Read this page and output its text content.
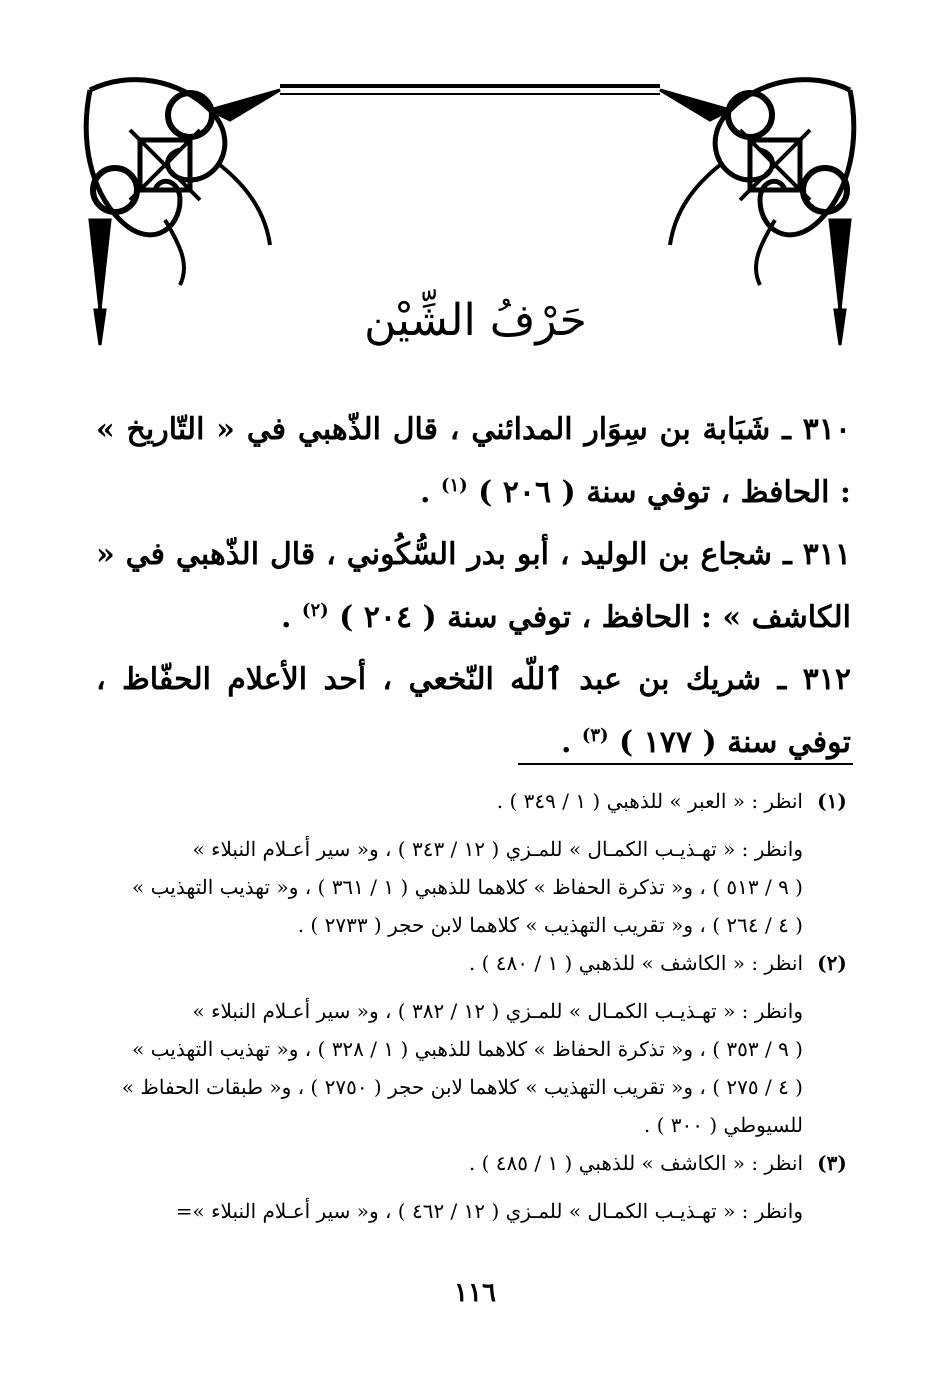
حَرْفُ الشِّيْن

٣١٠ ـ شَبَابة بن سِوَار المدائني ، قال الذّهبي في « التّاريخ » : الحافظ ، توفي سنة ( ٢٠٦ ) $^{(١)}$ .

٣١١ ـ شجاع بن الوليد ، أبو بدر السُّكُوني ، قال الذّهبي في « الكاشف » : الحافظ ، توفي سنة ( ٢٠٤ ) $^{(٢)}$ .

٣١٢ ـ شريك بن عبد ٱللّه النّخعي ، أحد الأعلام الحفّاظ ، توفي سنة ( ١٧٧ ) $^{(٣)}$ .

(١)انظر : « العبر » للذهبي ( ١ / ٣٤٩ ) .
وانظر : « تهـذيـب الكمـال » للمـزي ( ١٢ / ٣٤٣ ) ، و« سير أعـلام النبلاء »
( ٩ / ٥١٣ ) ، و« تذكرة الحفاظ » كلاهما للذهبي ( ١ / ٣٦١ ) ، و« تهذيب التهذيب »
( ٤ / ٢٦٤ ) ، و« تقريب التهذيب » كلاهما لابن حجر ( ٢٧٣٣ ) .
(٢)انظر : « الكاشف » للذهبي ( ١ / ٤٨٠ ) .
وانظر : « تهـذيـب الكمـال » للمـزي ( ١٢ / ٣٨٢ ) ، و« سير أعـلام النبلاء »
( ٩ / ٣٥٣ ) ، و« تذكرة الحفاظ » كلاهما للذهبي ( ١ / ٣٢٨ ) ، و« تهذيب التهذيب »
( ٤ / ٢٧٥ ) ، و« تقريب التهذيب » كلاهما لابن حجر ( ٢٧٥٠ ) ، و« طبقات الحفاظ »
للسيوطي ( ٣٠٠ ) .
(٣)انظر : « الكاشف » للذهبي ( ١ / ٤٨٥ ) .
وانظر : « تهـذيـب الكمـال » للمـزي ( ١٢ / ٤٦٢ ) ، و« سير أعـلام النبلاء »=
١١٦
